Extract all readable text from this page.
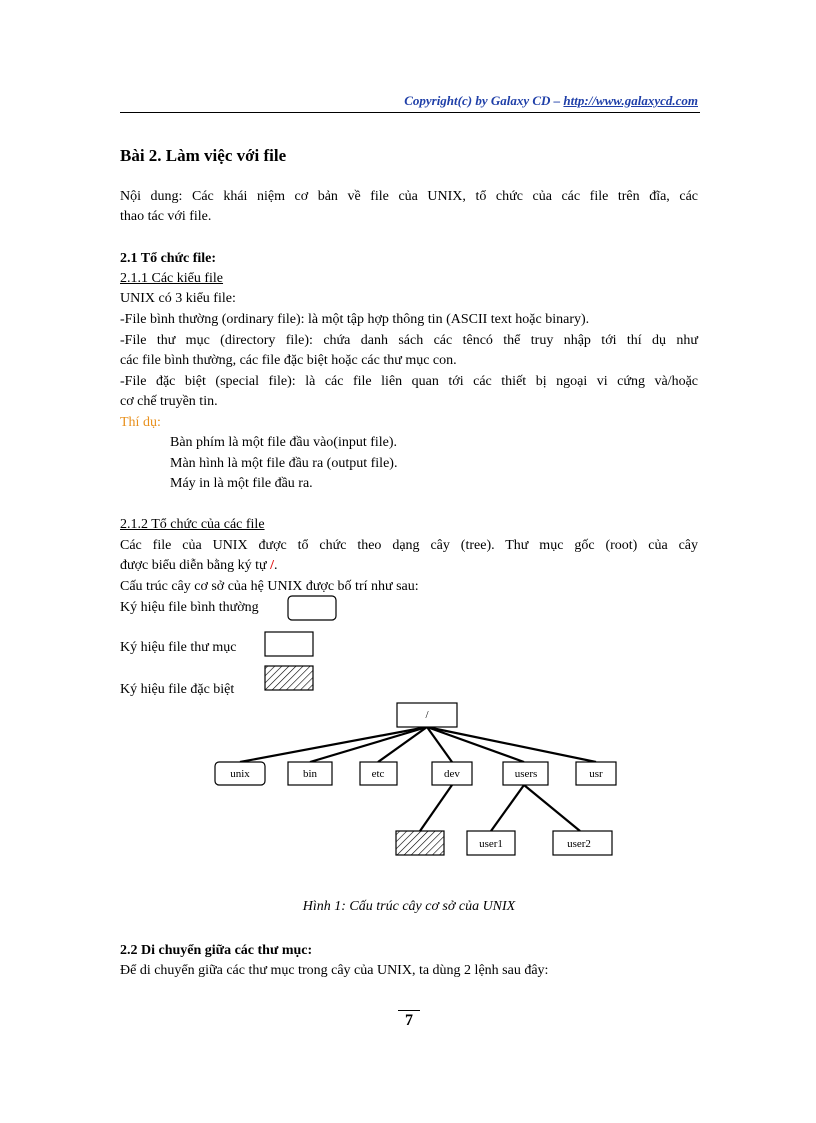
Copyright(c) by Galaxy CD – http://www.galaxycd.com
Bài 2. Làm việc với file
Nội dung: Các khái niệm cơ bản về file của UNIX, tổ chức của các file trên đĩa, các
thao tác với file.
2.1 Tổ chức file:
2.1.1 Các kiểu file
UNIX có 3 kiểu file:
-File bình thường (ordinary file): là một tập hợp thông tin (ASCII text hoặc binary).
-File thư mục (directory file): chứa danh sách các têncó thể truy nhập tới thí dụ như
các file bình thường, các file đặc biệt hoặc các thư mục con.
-File đặc biệt (special file): là các file liên quan tới các thiết bị ngoại vi cứng và/hoặc
cơ chế truyền tin.
Thí dụ:
Bàn phím là một file đầu vào(input file).
Màn hình là một file đầu ra (output file).
Máy in là một file đầu ra.
2.1.2 Tổ chức của các file
Các file của UNIX được tổ chức theo dạng cây (tree). Thư mục gốc (root) của cây
được biểu diễn bằng ký tự /.
Cấu trúc cây cơ sở của hệ UNIX được bố trí như sau:
Ký hiệu file bình thường
Ký hiệu file thư mục
Ký hiệu file đặc biệt
/
unix	bin	etc	dev	users	usr
user1	user2
Hình 1: Cấu trúc cây cơ sở của UNIX
2.2 Di chuyển giữa các thư mục:
Để di chuyển giữa các thư mục trong cây của UNIX, ta dùng 2 lệnh sau đây:
7
